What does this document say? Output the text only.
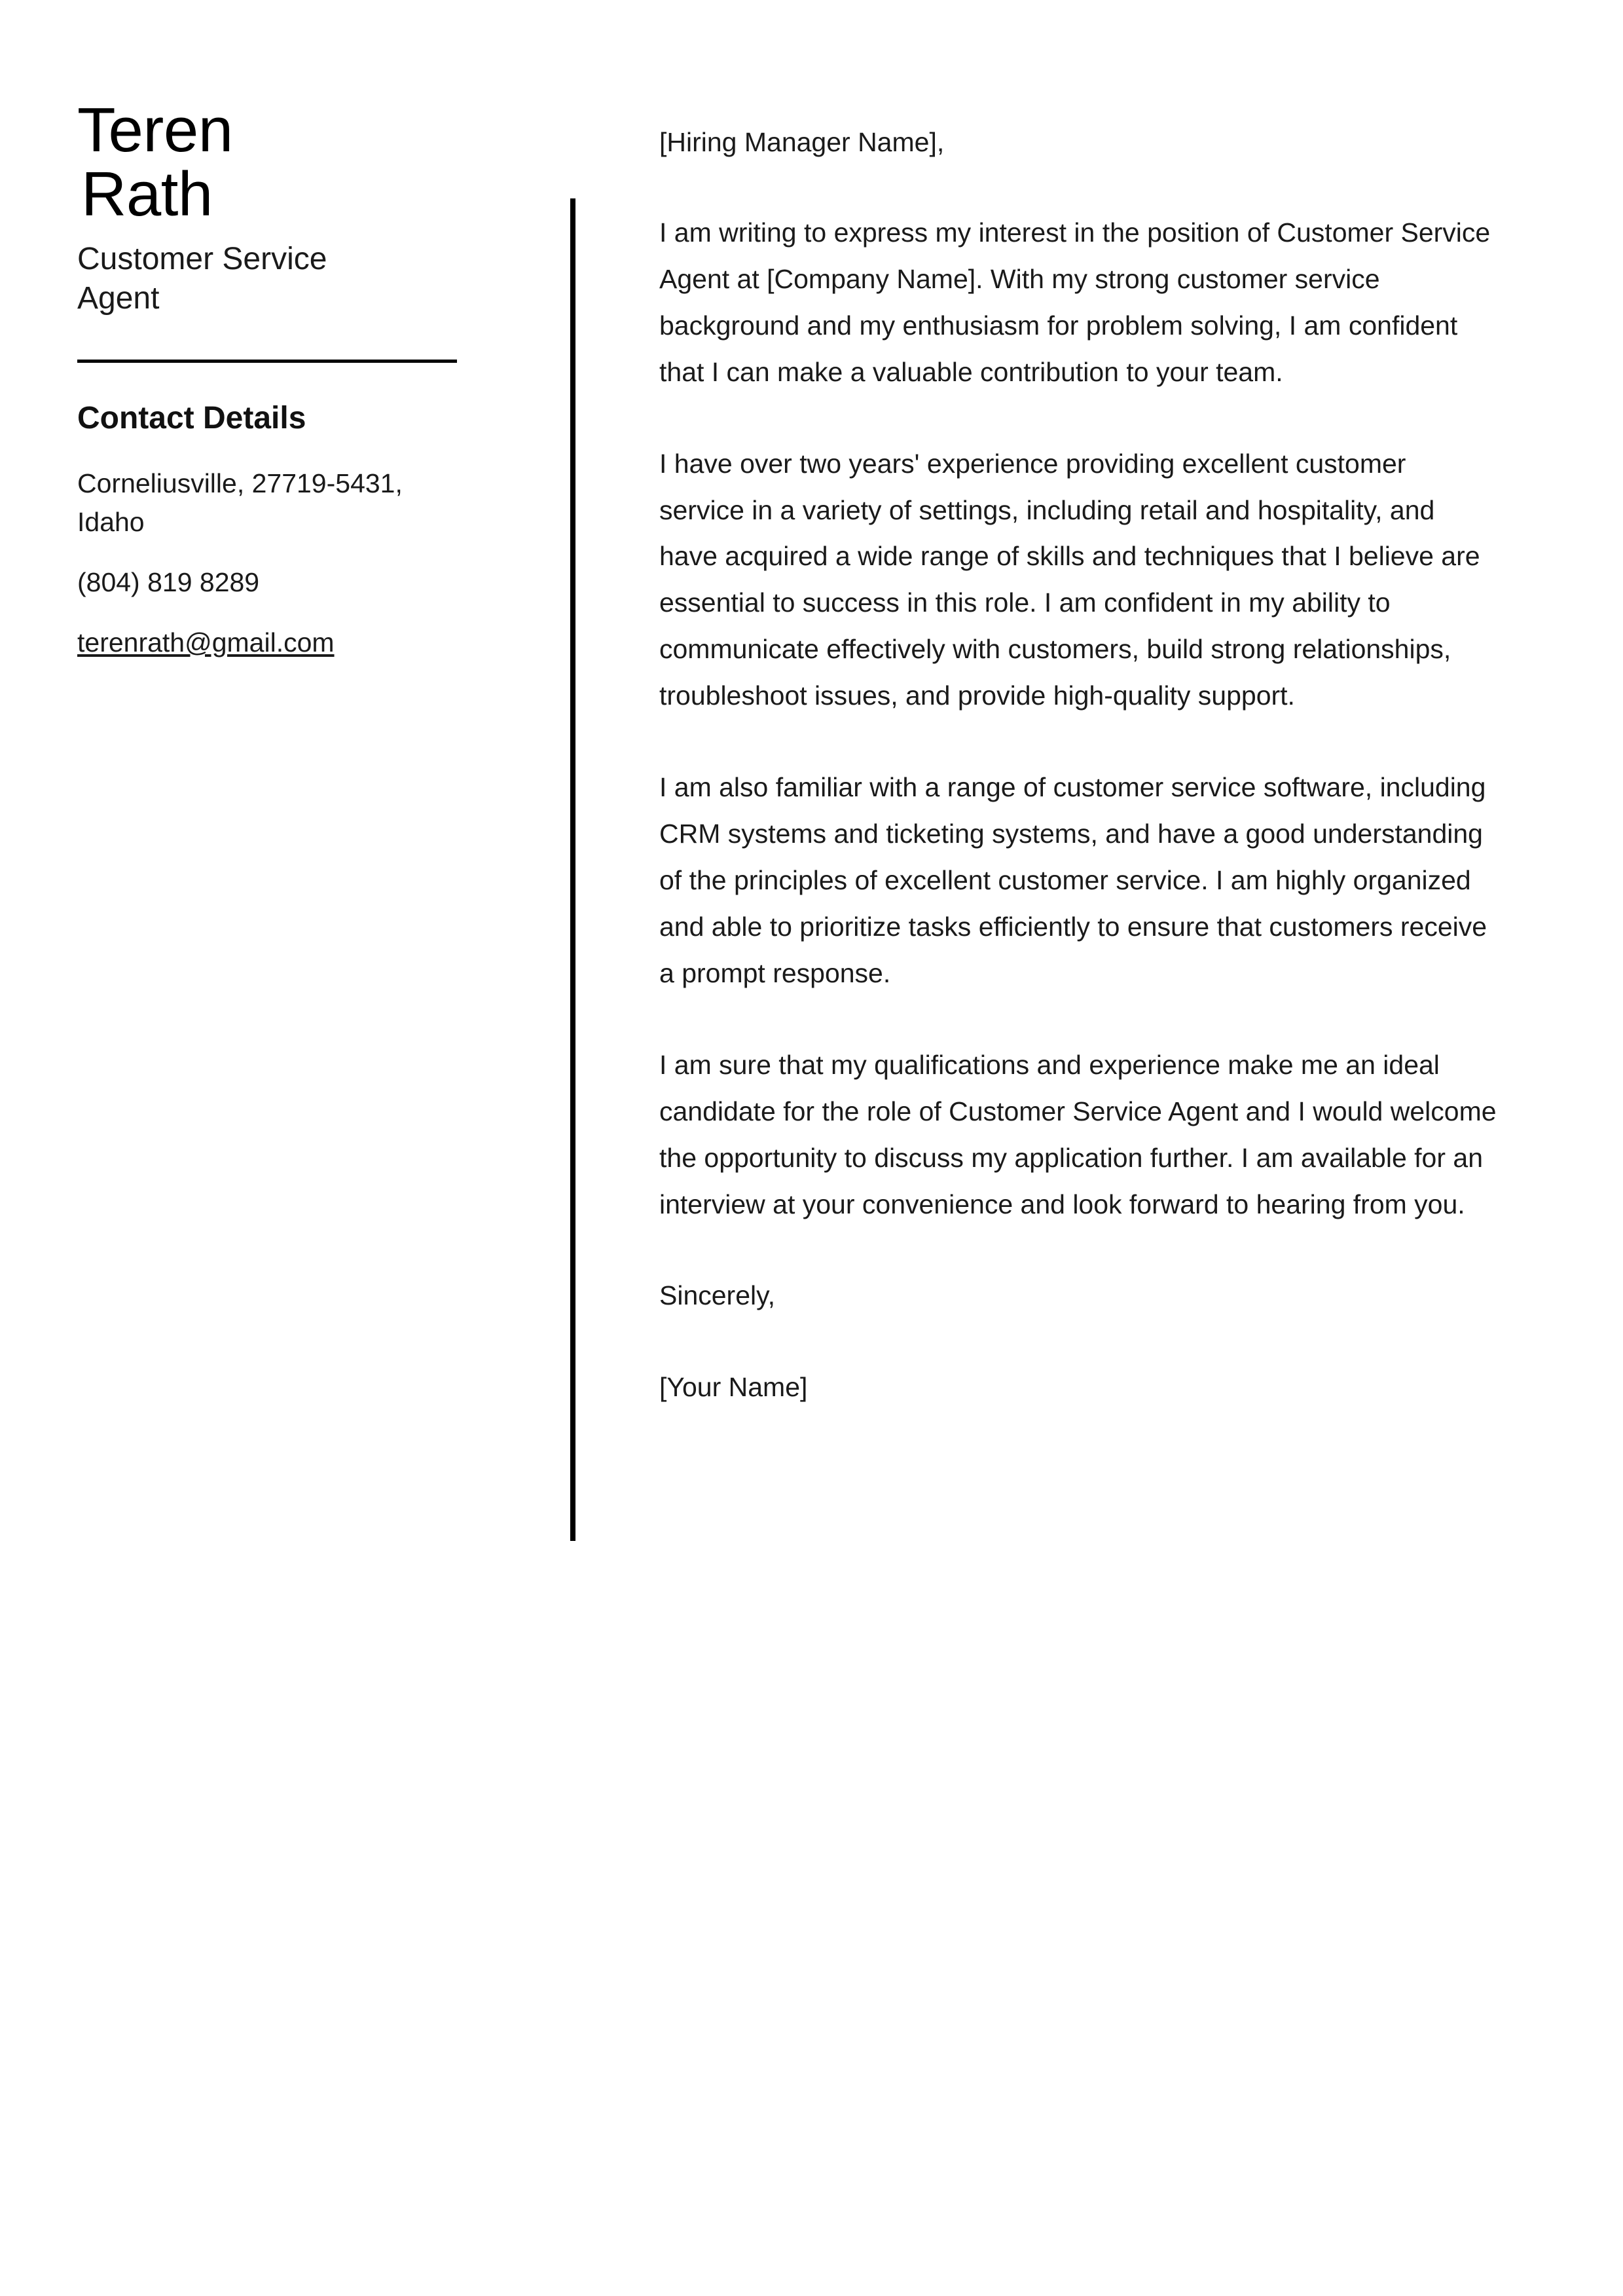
Teren
Rath
Customer Service Agent
Contact Details
Corneliusville, 27719-5431, Idaho
(804) 819 8289
terenrath@gmail.com

[Hiring Manager Name],

I am writing to express my interest in the position of Customer Service Agent at [Company Name]. With my strong customer service background and my enthusiasm for problem solving, I am confident that I can make a valuable contribution to your team.

I have over two years' experience providing excellent customer service in a variety of settings, including retail and hospitality, and have acquired a wide range of skills and techniques that I believe are essential to success in this role. I am confident in my ability to communicate effectively with customers, build strong relationships, troubleshoot issues, and provide high-quality support.

I am also familiar with a range of customer service software, including CRM systems and ticketing systems, and have a good understanding of the principles of excellent customer service. I am highly organized and able to prioritize tasks efficiently to ensure that customers receive a prompt response.

I am sure that my qualifications and experience make me an ideal candidate for the role of Customer Service Agent and I would welcome the opportunity to discuss my application further. I am available for an interview at your convenience and look forward to hearing from you.

Sincerely,

[Your Name]
